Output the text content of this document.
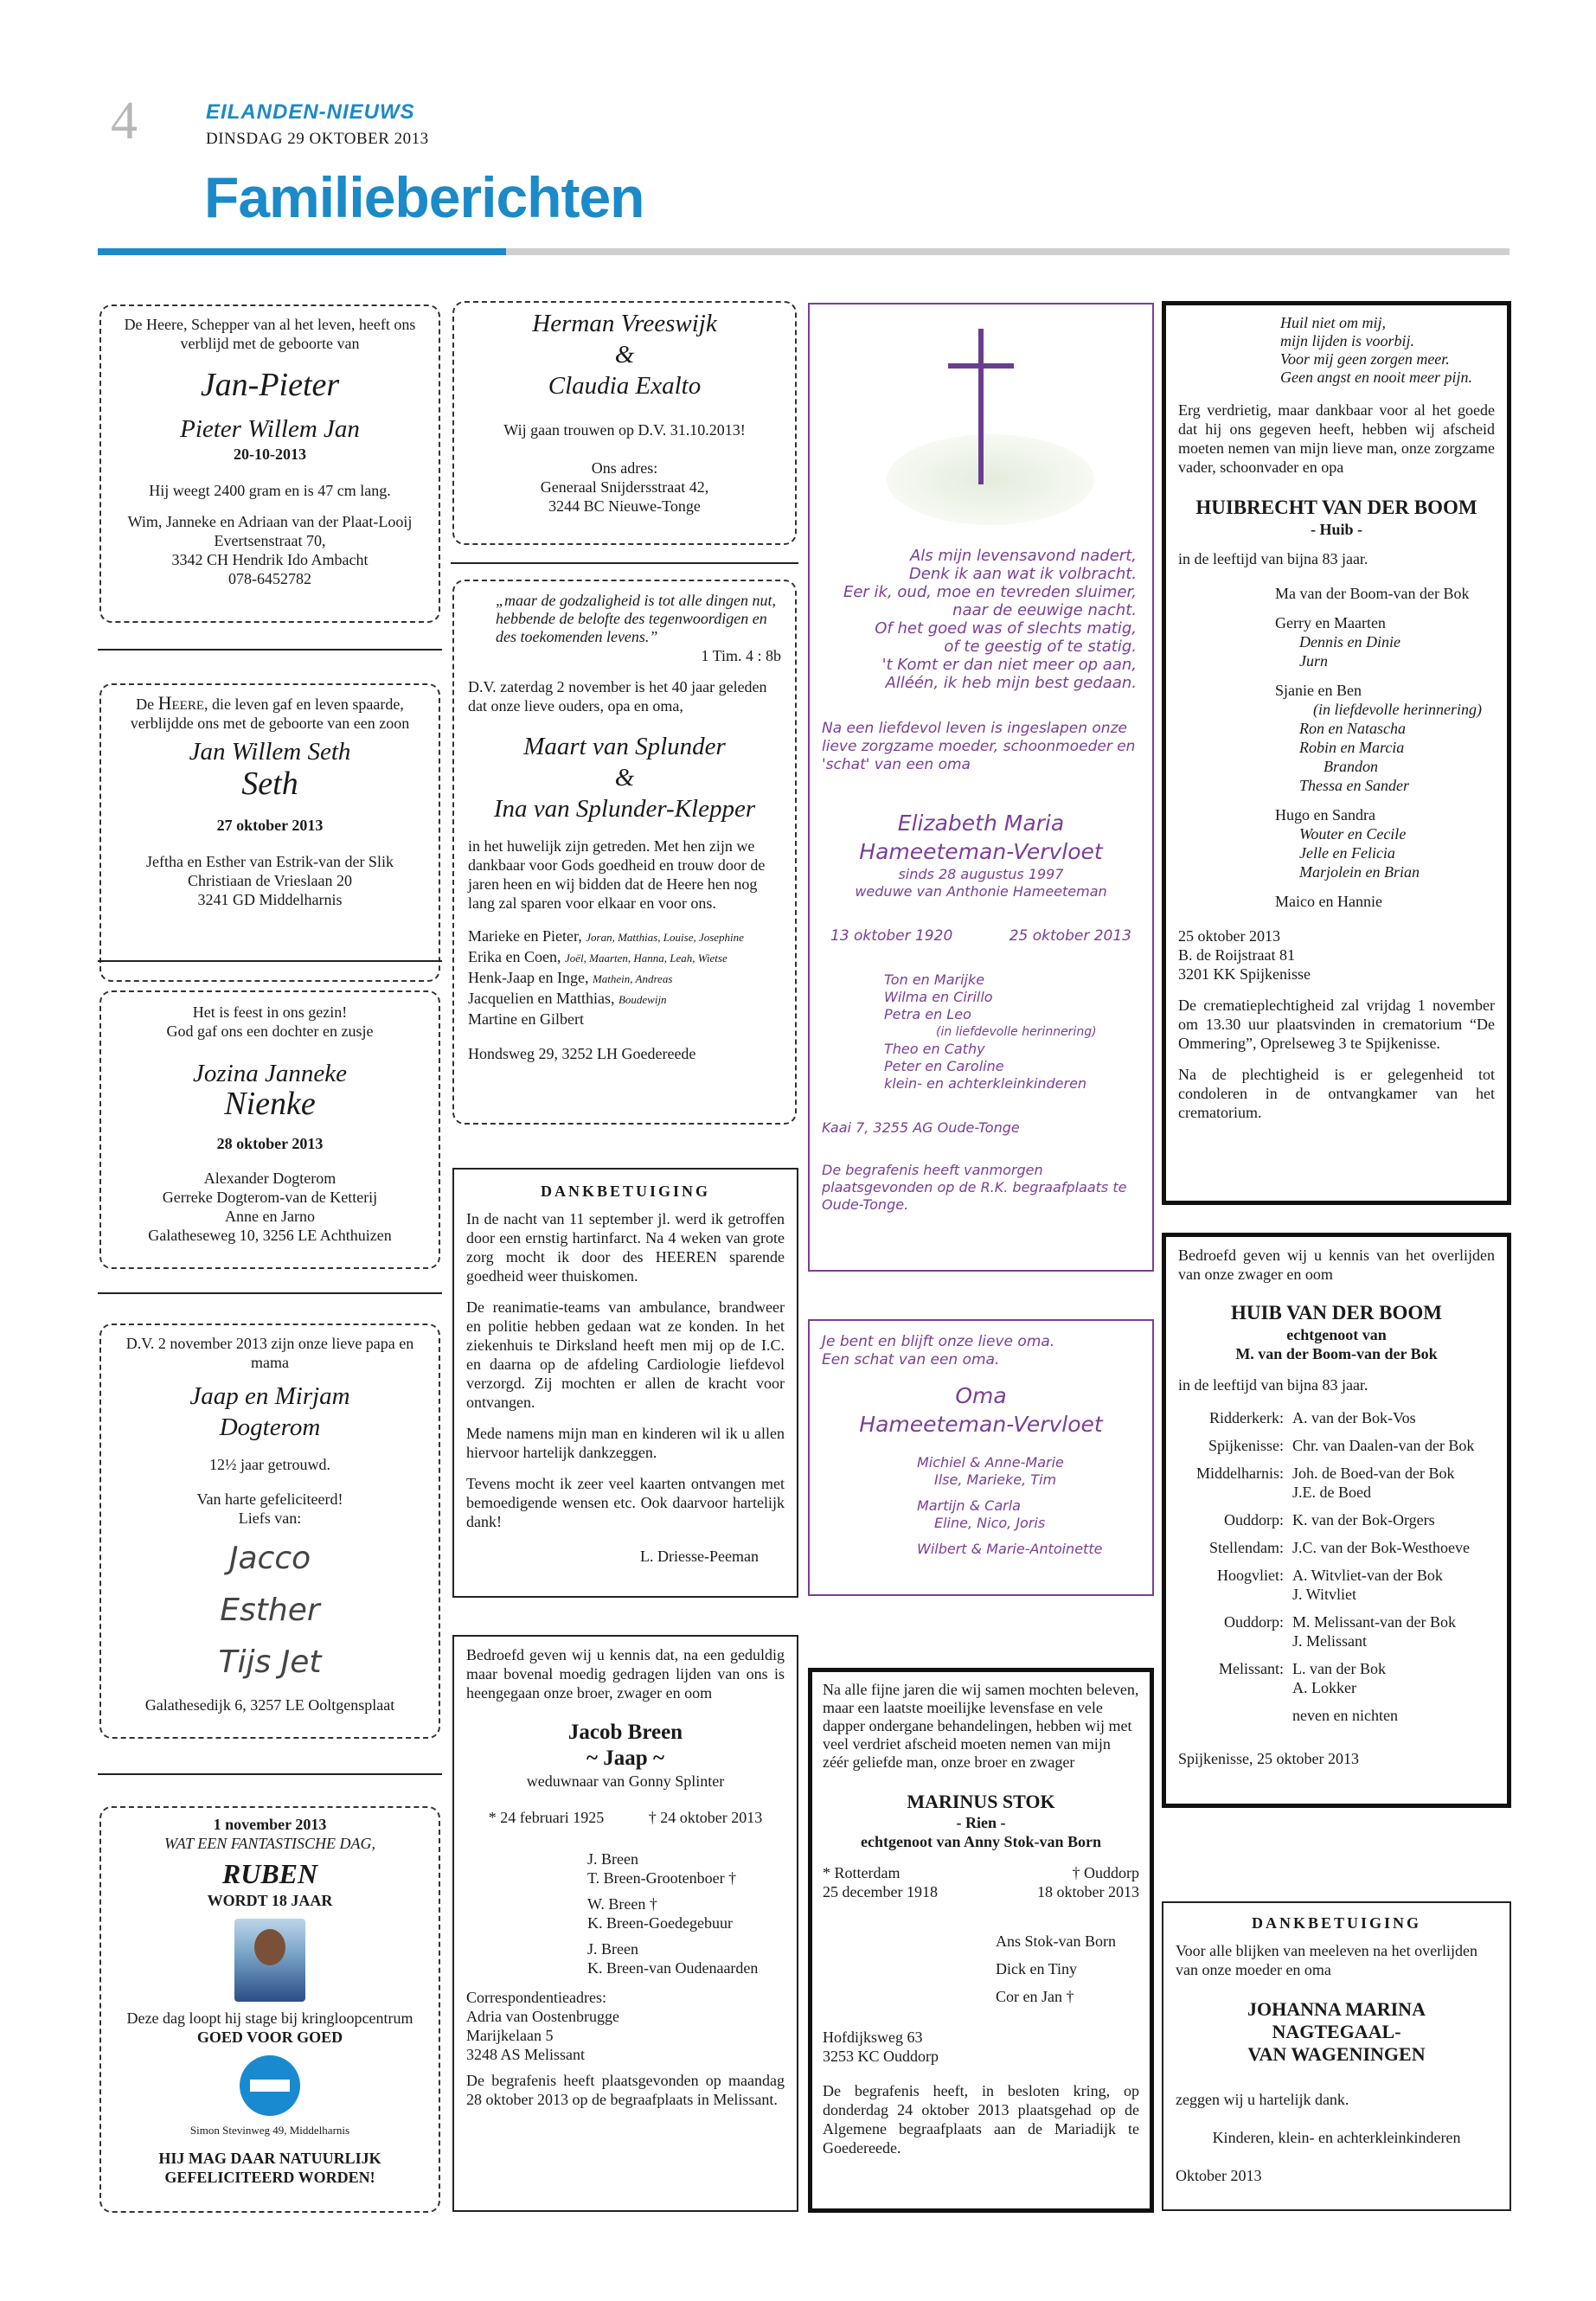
4	EILANDEN-NIEUWS
DINSDAG 29 OKTOBER 2013
Familieberichten
De Heere, Schepper van al het leven, heeft ons verblijd met de geboorte van
Jan-Pieter
Pieter Willem Jan
20-10-2013
Hij weegt 2400 gram en is 47 cm lang.
Wim, Janneke en Adriaan van der Plaat-Looij
Evertsenstraat 70,
3342 CH Hendrik Ido Ambacht
078-6452782
De Heere, die leven gaf en leven spaarde, verblijdde ons met de geboorte van een zoon
Jan Willem Seth
Seth
27 oktober 2013
Jeftha en Esther van Estrik-van der Slik
Christiaan de Vrieslaan 20
3241 GD Middelharnis
Het is feest in ons gezin!
God gaf ons een dochter en zusje
Jozina Janneke
Nienke
28 oktober 2013
Alexander Dogterom
Gerreke Dogterom-van de Ketterij
Anne en Jarno
Galatheseweg 10, 3256 LE Achthuizen
D.V. 2 november 2013 zijn onze lieve papa en mama
Jaap en Mirjam
Dogterom
12½ jaar getrouwd.
Van harte gefeliciteerd!
Liefs van:
Jacco
Esther
Tijs Jet
Galathesedijk 6, 3257 LE Ooltgensplaat
1 november 2013
WAT EEN FANTASTISCHE DAG,
RUBEN
WORDT 18 JAAR
Deze dag loopt hij stage bij kringloopcentrum
GOED VOOR GOED
Simon Stevinweg 49, Middelharnis
HIJ MAG DAAR NATUURLIJK GEFELICITEERD WORDEN!
Herman Vreeswijk
&
Claudia Exalto
Wij gaan trouwen op D.V. 31.10.2013!
Ons adres:
Generaal Snijdersstraat 42,
3244 BC Nieuwe-Tonge
„maar de godzaligheid is tot alle dingen nut, hebbende de belofte des tegenwoordigen en des toekomenden levens.”
1 Tim. 4 : 8b
D.V. zaterdag 2 november is het 40 jaar geleden dat onze lieve ouders, opa en oma,
Maart van Splunder
&
Ina van Splunder-Klepper
in het huwelijk zijn getreden. Met hen zijn we dankbaar voor Gods goedheid en trouw door de jaren heen en wij bidden dat de Heere hen nog lang zal sparen voor elkaar en voor ons.
Marieke en Pieter, Joran, Matthias, Louise, Josephine
Erika en Coen, Joël, Maarten, Hanna, Leah, Wietse
Henk-Jaap en Inge, Mathein, Andreas
Jacquelien en Matthias, Boudewijn
Martine en Gilbert
Hondsweg 29, 3252 LH Goedereede
DANKBETUIGING
In de nacht van 11 september jl. werd ik getroffen door een ernstig hartinfarct. Na 4 weken van grote zorg mocht ik door des HEEREN sparende goedheid weer thuiskomen.
De reanimatie-teams van ambulance, brandweer en politie hebben gedaan wat ze konden. In het ziekenhuis te Dirksland heeft men mij op de I.C. en daarna op de afdeling Cardiologie liefdevol verzorgd. Zij mochten er allen de kracht voor ontvangen.
Mede namens mijn man en kinderen wil ik u allen hiervoor hartelijk dankzeggen.
Tevens mocht ik zeer veel kaarten ontvangen met bemoedigende wensen etc. Ook daarvoor hartelijk dank!
L. Driesse-Peeman
Bedroefd geven wij u kennis dat, na een geduldig maar bovenal moedig gedragen lijden van ons is heengegaan onze broer, zwager en oom
Jacob Breen
~ Jaap ~
weduwnaar van Gonny Splinter
* 24 februari 1925	† 24 oktober 2013
J. Breen
T. Breen-Grootenboer †
W. Breen †
K. Breen-Goedegebuur
J. Breen
K. Breen-van Oudenaarden
Correspondentieadres:
Adria van Oostenbrugge
Marijkelaan 5
3248 AS Melissant
De begrafenis heeft plaatsgevonden op maandag 28 oktober 2013 op de begraafplaats in Melissant.
Als mijn levensavond nadert,
Denk ik aan wat ik volbracht.
Eer ik, oud, moe en tevreden sluimer,
naar de eeuwige nacht.
Of het goed was of slechts matig,
of te geestig of te statig.
't Komt er dan niet meer op aan,
Alléén, ik heb mijn best gedaan.
Na een liefdevol leven is ingeslapen onze lieve zorgzame moeder, schoonmoeder en 'schat' van een oma
Elizabeth Maria
Hameeteman-Vervloet
sinds 28 augustus 1997
weduwe van Anthonie Hameeteman
13 oktober 1920	25 oktober 2013
Ton en Marijke
Wilma en Cirillo
Petra en Leo
(in liefdevolle herinnering)
Theo en Cathy
Peter en Caroline
klein- en achterkleinkinderen
Kaai 7, 3255 AG Oude-Tonge
De begrafenis heeft vanmorgen plaatsgevonden op de R.K. begraafplaats te Oude-Tonge.
Je bent en blijft onze lieve oma.
Een schat van een oma.
Oma
Hameeteman-Vervloet
Michiel & Anne-Marie
Ilse, Marieke, Tim
Martijn & Carla
Eline, Nico, Joris
Wilbert & Marie-Antoinette
Na alle fijne jaren die wij samen mochten beleven, maar een laatste moeilijke levensfase en vele dapper ondergane behandelingen, hebben wij met veel verdriet afscheid moeten nemen van mijn zéér geliefde man, onze broer en zwager
MARINUS STOK
- Rien -
echtgenoot van Anny Stok-van Born
* Rotterdam
25 december 1918
† Ouddorp
18 oktober 2013
Ans Stok-van Born
Dick en Tiny
Cor en Jan †
Hofdijksweg 63
3253 KC Ouddorp
De begrafenis heeft, in besloten kring, op donderdag 24 oktober 2013 plaatsgehad op de Algemene begraafplaats aan de Mariadijk te Goedereede.
Huil niet om mij,
mijn lijden is voorbij.
Voor mij geen zorgen meer.
Geen angst en nooit meer pijn.
Erg verdrietig, maar dankbaar voor al het goede dat hij ons gegeven heeft, hebben wij afscheid moeten nemen van mijn lieve man, onze zorgzame vader, schoonvader en opa
HUIBRECHT VAN DER BOOM
- Huib -
in de leeftijd van bijna 83 jaar.
Ma van der Boom-van der Bok
Gerry en Maarten
Dennis en Dinie
Jurn
Sjanie en Ben
(in liefdevolle herinnering)
Ron en Natascha
Robin en Marcia
Brandon
Thessa en Sander
Hugo en Sandra
Wouter en Cecile
Jelle en Felicia
Marjolein en Brian
Maico en Hannie
25 oktober 2013
B. de Roijstraat 81
3201 KK Spijkenisse
De crematieplechtigheid zal vrijdag 1 november om 13.30 uur plaatsvinden in crematorium “De Ommering”, Oprelseweg 3 te Spijkenisse.
Na de plechtigheid is er gelegenheid tot condoleren in de ontvangkamer van het crematorium.
Bedroefd geven wij u kennis van het overlijden van onze zwager en oom
HUIB VAN DER BOOM
echtgenoot van
M. van der Boom-van der Bok
in de leeftijd van bijna 83 jaar.
Ridderkerk: A. van der Bok-Vos
Spijkenisse: Chr. van Daalen-van der Bok
Middelharnis: Joh. de Boed-van der Bok
J.E. de Boed
Ouddorp: K. van der Bok-Orgers
Stellendam: J.C. van der Bok-Westhoeve
Hoogvliet: A. Witvliet-van der Bok
J. Witvliet
Ouddorp: M. Melissant-van der Bok
J. Melissant
Melissant: L. van der Bok
A. Lokker
neven en nichten
Spijkenisse, 25 oktober 2013
DANKBETUIGING
Voor alle blijken van meeleven na het overlijden van onze moeder en oma
JOHANNA MARINA
NAGTEGAAL-
VAN WAGENINGEN
zeggen wij u hartelijk dank.
Kinderen, klein- en achterkleinkinderen
Oktober 2013
